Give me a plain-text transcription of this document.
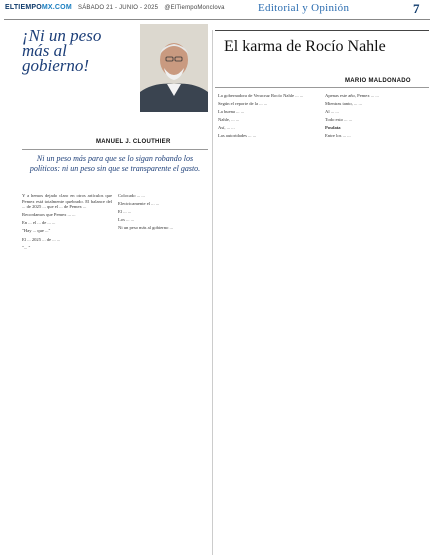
ELTIEMPOMX.COM SÁBADO 21 - JUNIO - 2025 @ElTiempoMonclova	Editorial y Opinión	7
¡Ni un peso más al gobierno!
MANUEL J. CLOUTHIER
Ni un peso más para que se lo sigan robando los políticos: ni un peso sin que se transparente el gasto.

Y a hemos dejado claro en otros artículos que Pemex está totalmente quebrado. El balance del ... de 2025 ... que el ... de Pemex ...

Recordamos que Pemex ... ...

En ... el ... de ... ...

"Hay ... que ..."

El ... 2025 ... de ... ...

"... "

Colocado ... ...

Electricamente el ... ...

El ... ...

Los ... ...

Ni un peso más al gobierno ...

El karma de Rocío Nahle
MARIO MALDONADO

La gobernadora de Veracruz Rocío Nahle ... ...

Según el reporte de la ... ...

La buena ... ...

Nahle, ... ...

Así, ... ...

Las autoridades ... ...

Apenas este año, Pemex ... ...

Mientras tanto, ... ...

Al ... ...

Todo esto ... ...

Posdata

Entre los ... ...
